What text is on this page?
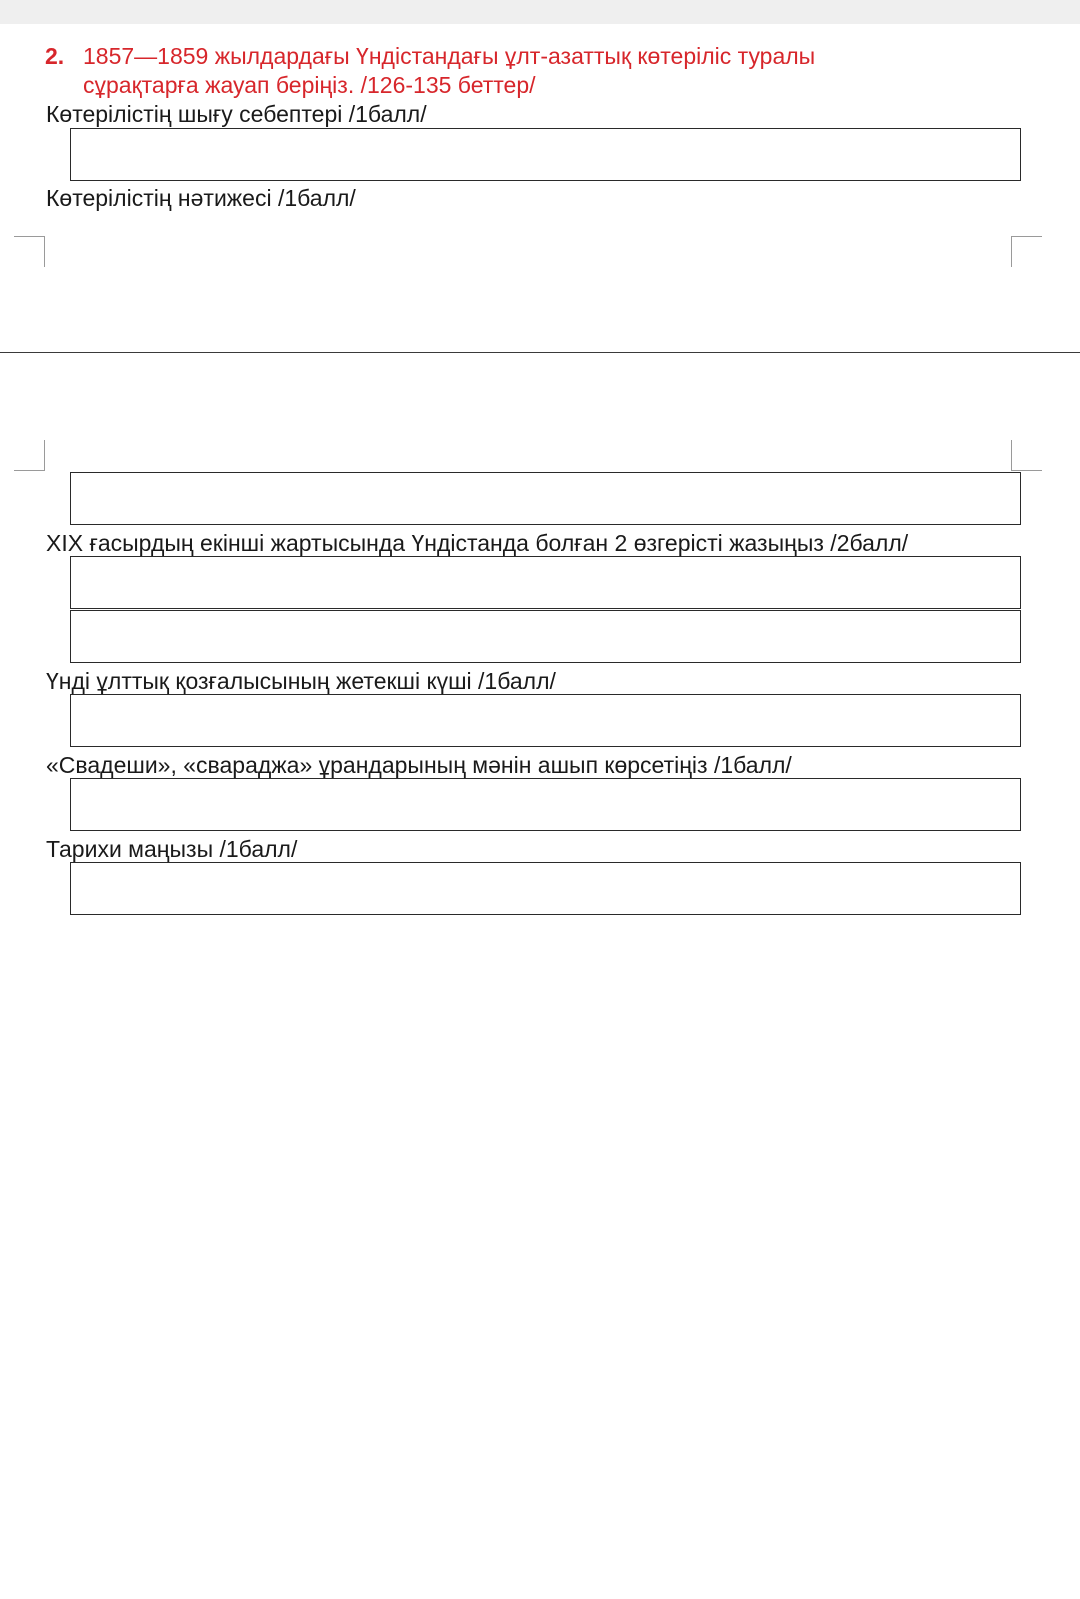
2. 1857—1859 жылдардағы Үндістандағы ұлт-азаттық көтеріліс туралы
сұрақтарға жауап беріңіз. /126-135 беттер/
Көтерілістің шығу себептері /1балл/
Көтерілістің нәтижесі /1балл/
XIX ғасырдың екінші жартысында Үндістанда болған 2 өзгерісті жазыңыз /2балл/
Үнді ұлттық қозғалысының жетекші күші /1балл/
«Свадеши», «свараджа» ұрандарының мәнін ашып көрсетіңіз /1балл/
Тарихи маңызы /1балл/
